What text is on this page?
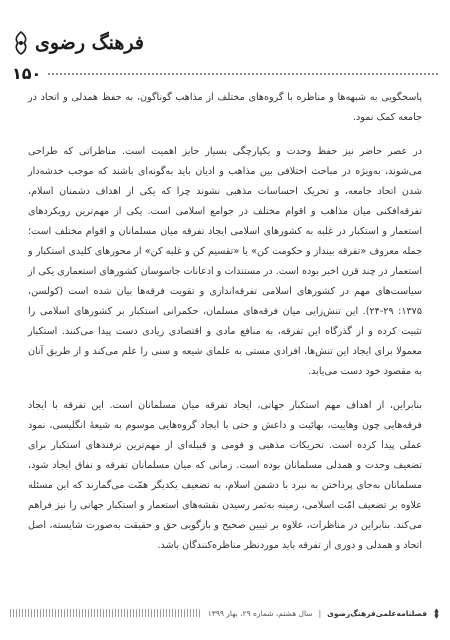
فرهنگ‌ رضوی
۱۵۰

پاسخگویی به شبهه‌ها و مناظره با گروه‌های مختلف از مذاهب گوناگون، به حفظ همدلی و اتحاد در جامعه کمک نمود.

در عصر حاضر نیز حفظ وحدت و یکپارچگی بسیار حایز اهمیت است. مناظراتی که طراحی می‌شوند، به‌ویژه در مباحث اختلافی بین مذاهب و ادیان باید به‌گونه‌ای باشند که موجب خدشه‌دار شدن اتحاد جامعه، و تحریک احساسات مذهبی نشوند چرا که یکی از اهداف دشمنان اسلام، تفرقه‌افکنی میان مذاهب و اقوام مختلف در جوامع اسلامی است. یکی از مهم‌ترین رویکردهای استعمار و استکبار در غلبه به کشورهای اسلامی ایجاد تفرقه میان مسلمانان و اقوام مختلف است؛ جمله معروف «تفرقه بینداز و حکومت کن» یا «تقسیم کن و غلبه کن» از محورهای کلیدی استکبار و استعمار در چند قرن اخیر بوده است. در مستندات و ادعانات جاسوسان کشورهای استعماری یکی از سیاست‌های مهم در کشورهای اسلامی تفرقه‌اندازی و تقویت فرقه‌ها بیان شده است (کولسن، ۱۳۷۵: ۲۹-۲۴). این تنش‌زایی میان فرقه‌های مسلمان، حکمرانی استکبار بر کشورهای اسلامی را تثبیت کرده و از گذرگاه این تفرقه، به منافع مادی و اقتصادی زیادی دست پیدا می‌کنند. استکبار معمولا برای ایجاد این تنش‌ها، افرادی مستی به علمای شیعه و سنی را علم می‌کند و از طریق آنان به مقصود خود دست می‌یابد.

بنابراین، از اهداف مهم استکبار جهانی، ایجاد تفرقه میان مسلمانان است. این تفرقه با ایجاد فرقه‌هایی چون وهابیت، بهائیت و داعش و حتی با ایجاد گروه‌هایی موسوم به شیعهٔ انگلیسی، نمود عملی پیدا کرده است. تحریکات مذهبی و قومی و قبیله‌ای از مهم‌ترین ترفندهای استکبار برای تضعیف وحدت و همدلی مسلمانان بوده است. زمانی که میان مسلمانان تفرقه و نفاق ایجاد شود، مسلمانان به‌جای پرداختن به نبرد با دشمن اسلام، به تضعیف یکدیگر همّت می‌گمارند که این مسئله علاوه بر تضعیف امّت اسلامی، زمینه به‌ثمر رسیدن نقشه‌های استعمار و استکبار جهانی را نیز فراهم می‌کند. بنابراین در مناظرات، علاوه بر تبیین صحیح و بازگویی حق و حقیقت به‌صورت شایسته، اصل اتحاد و همدلی و دوری از تفرقه باید موردنظر مناظره‌کنندگان باشد.

فصلنامه‌علمی‌فرهنگ‌رضوی
|
سال هشتم، شماره ۲۹، بهار ۱۳۹۹
